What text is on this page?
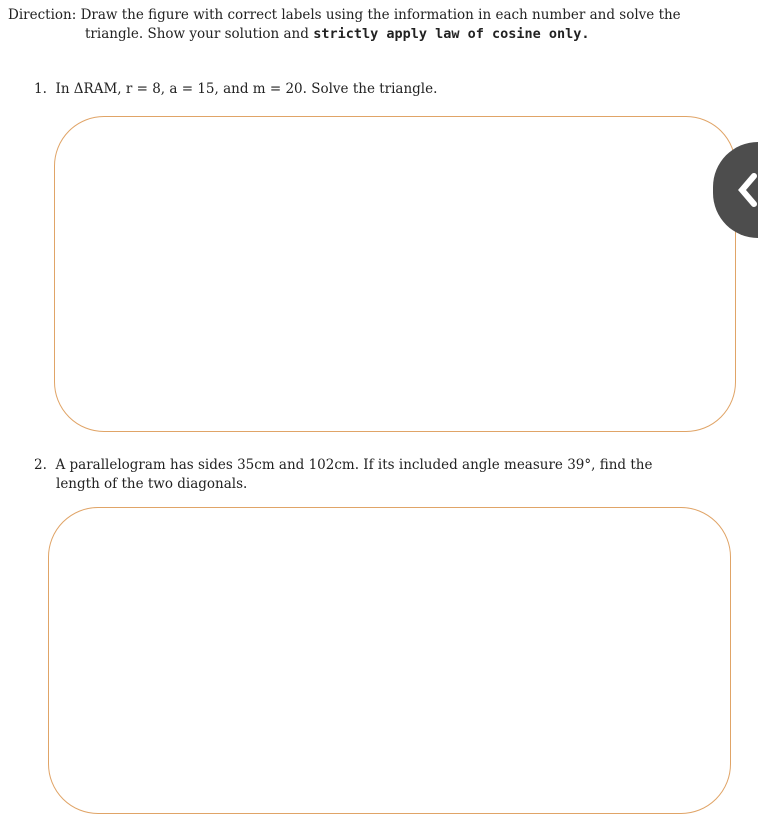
Direction: Draw the figure with correct labels using the information in each number and solve the
triangle. Show your solution and strictly apply law of cosine only.
1. In ΔRAM, r = 8, a = 15, and m = 20. Solve the triangle.
2. A parallelogram has sides 35cm and 102cm. If its included angle measure 39°, find the
length of the two diagonals.
